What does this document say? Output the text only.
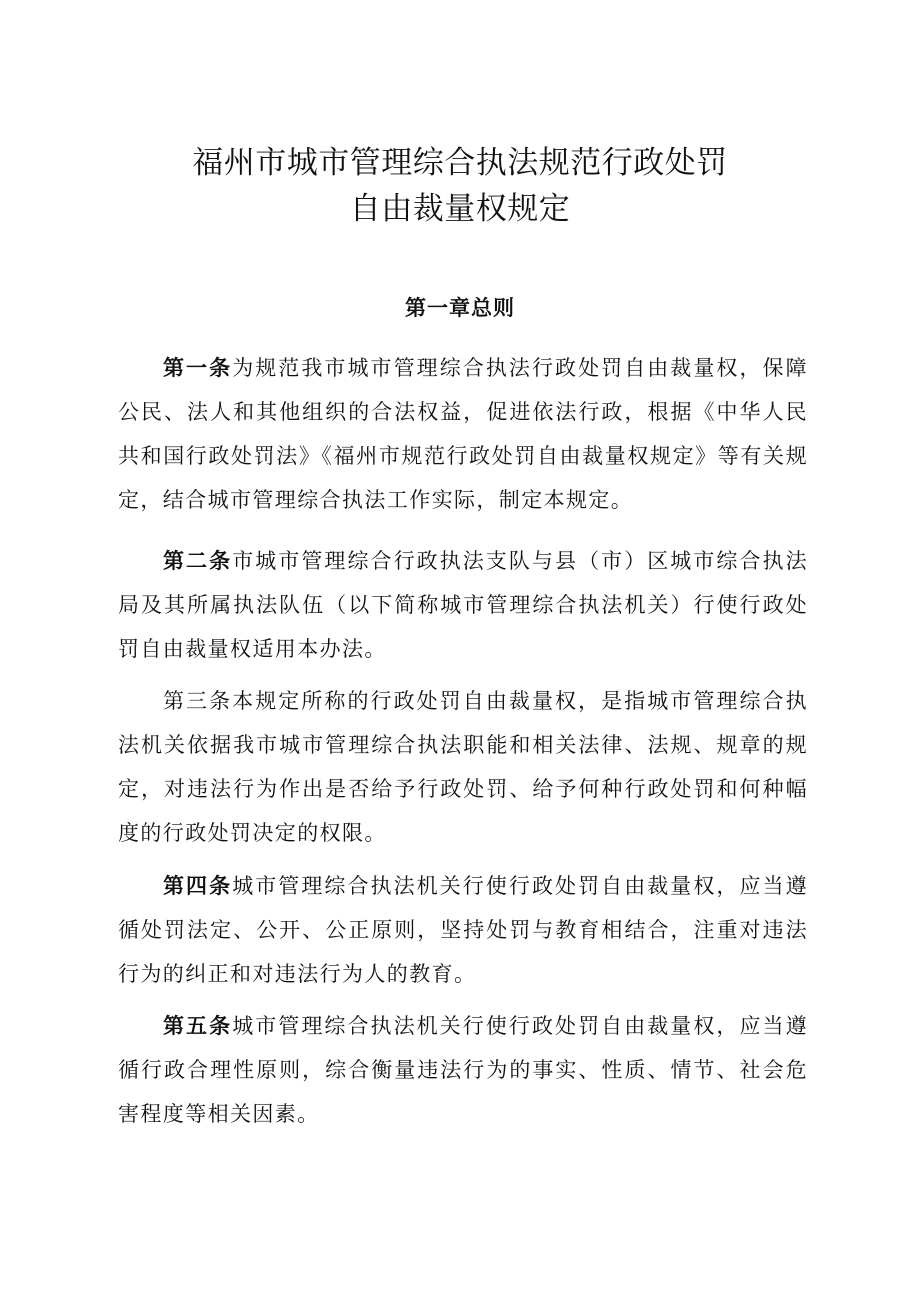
福州市城市管理综合执法规范行政处罚
自由裁量权规定
第一章总则

第一条为规范我市城市管理综合执法行政处罚自由裁量权，保障公民、法人和其他组织的合法权益，促进依法行政，根据《中华人民共和国行政处罚法》《福州市规范行政处罚自由裁量权规定》等有关规定，结合城市管理综合执法工作实际，制定本规定。

第二条市城市管理综合行政执法支队与县（市）区城市综合执法局及其所属执法队伍（以下简称城市管理综合执法机关）行使行政处罚自由裁量权适用本办法。

第三条本规定所称的行政处罚自由裁量权，是指城市管理综合执法机关依据我市城市管理综合执法职能和相关法律、法规、规章的规定，对违法行为作出是否给予行政处罚、给予何种行政处罚和何种幅度的行政处罚决定的权限。

第四条城市管理综合执法机关行使行政处罚自由裁量权，应当遵循处罚法定、公开、公正原则，坚持处罚与教育相结合，注重对违法行为的纠正和对违法行为人的教育。

第五条城市管理综合执法机关行使行政处罚自由裁量权，应当遵循行政合理性原则，综合衡量违法行为的事实、性质、情节、社会危害程度等相关因素。
